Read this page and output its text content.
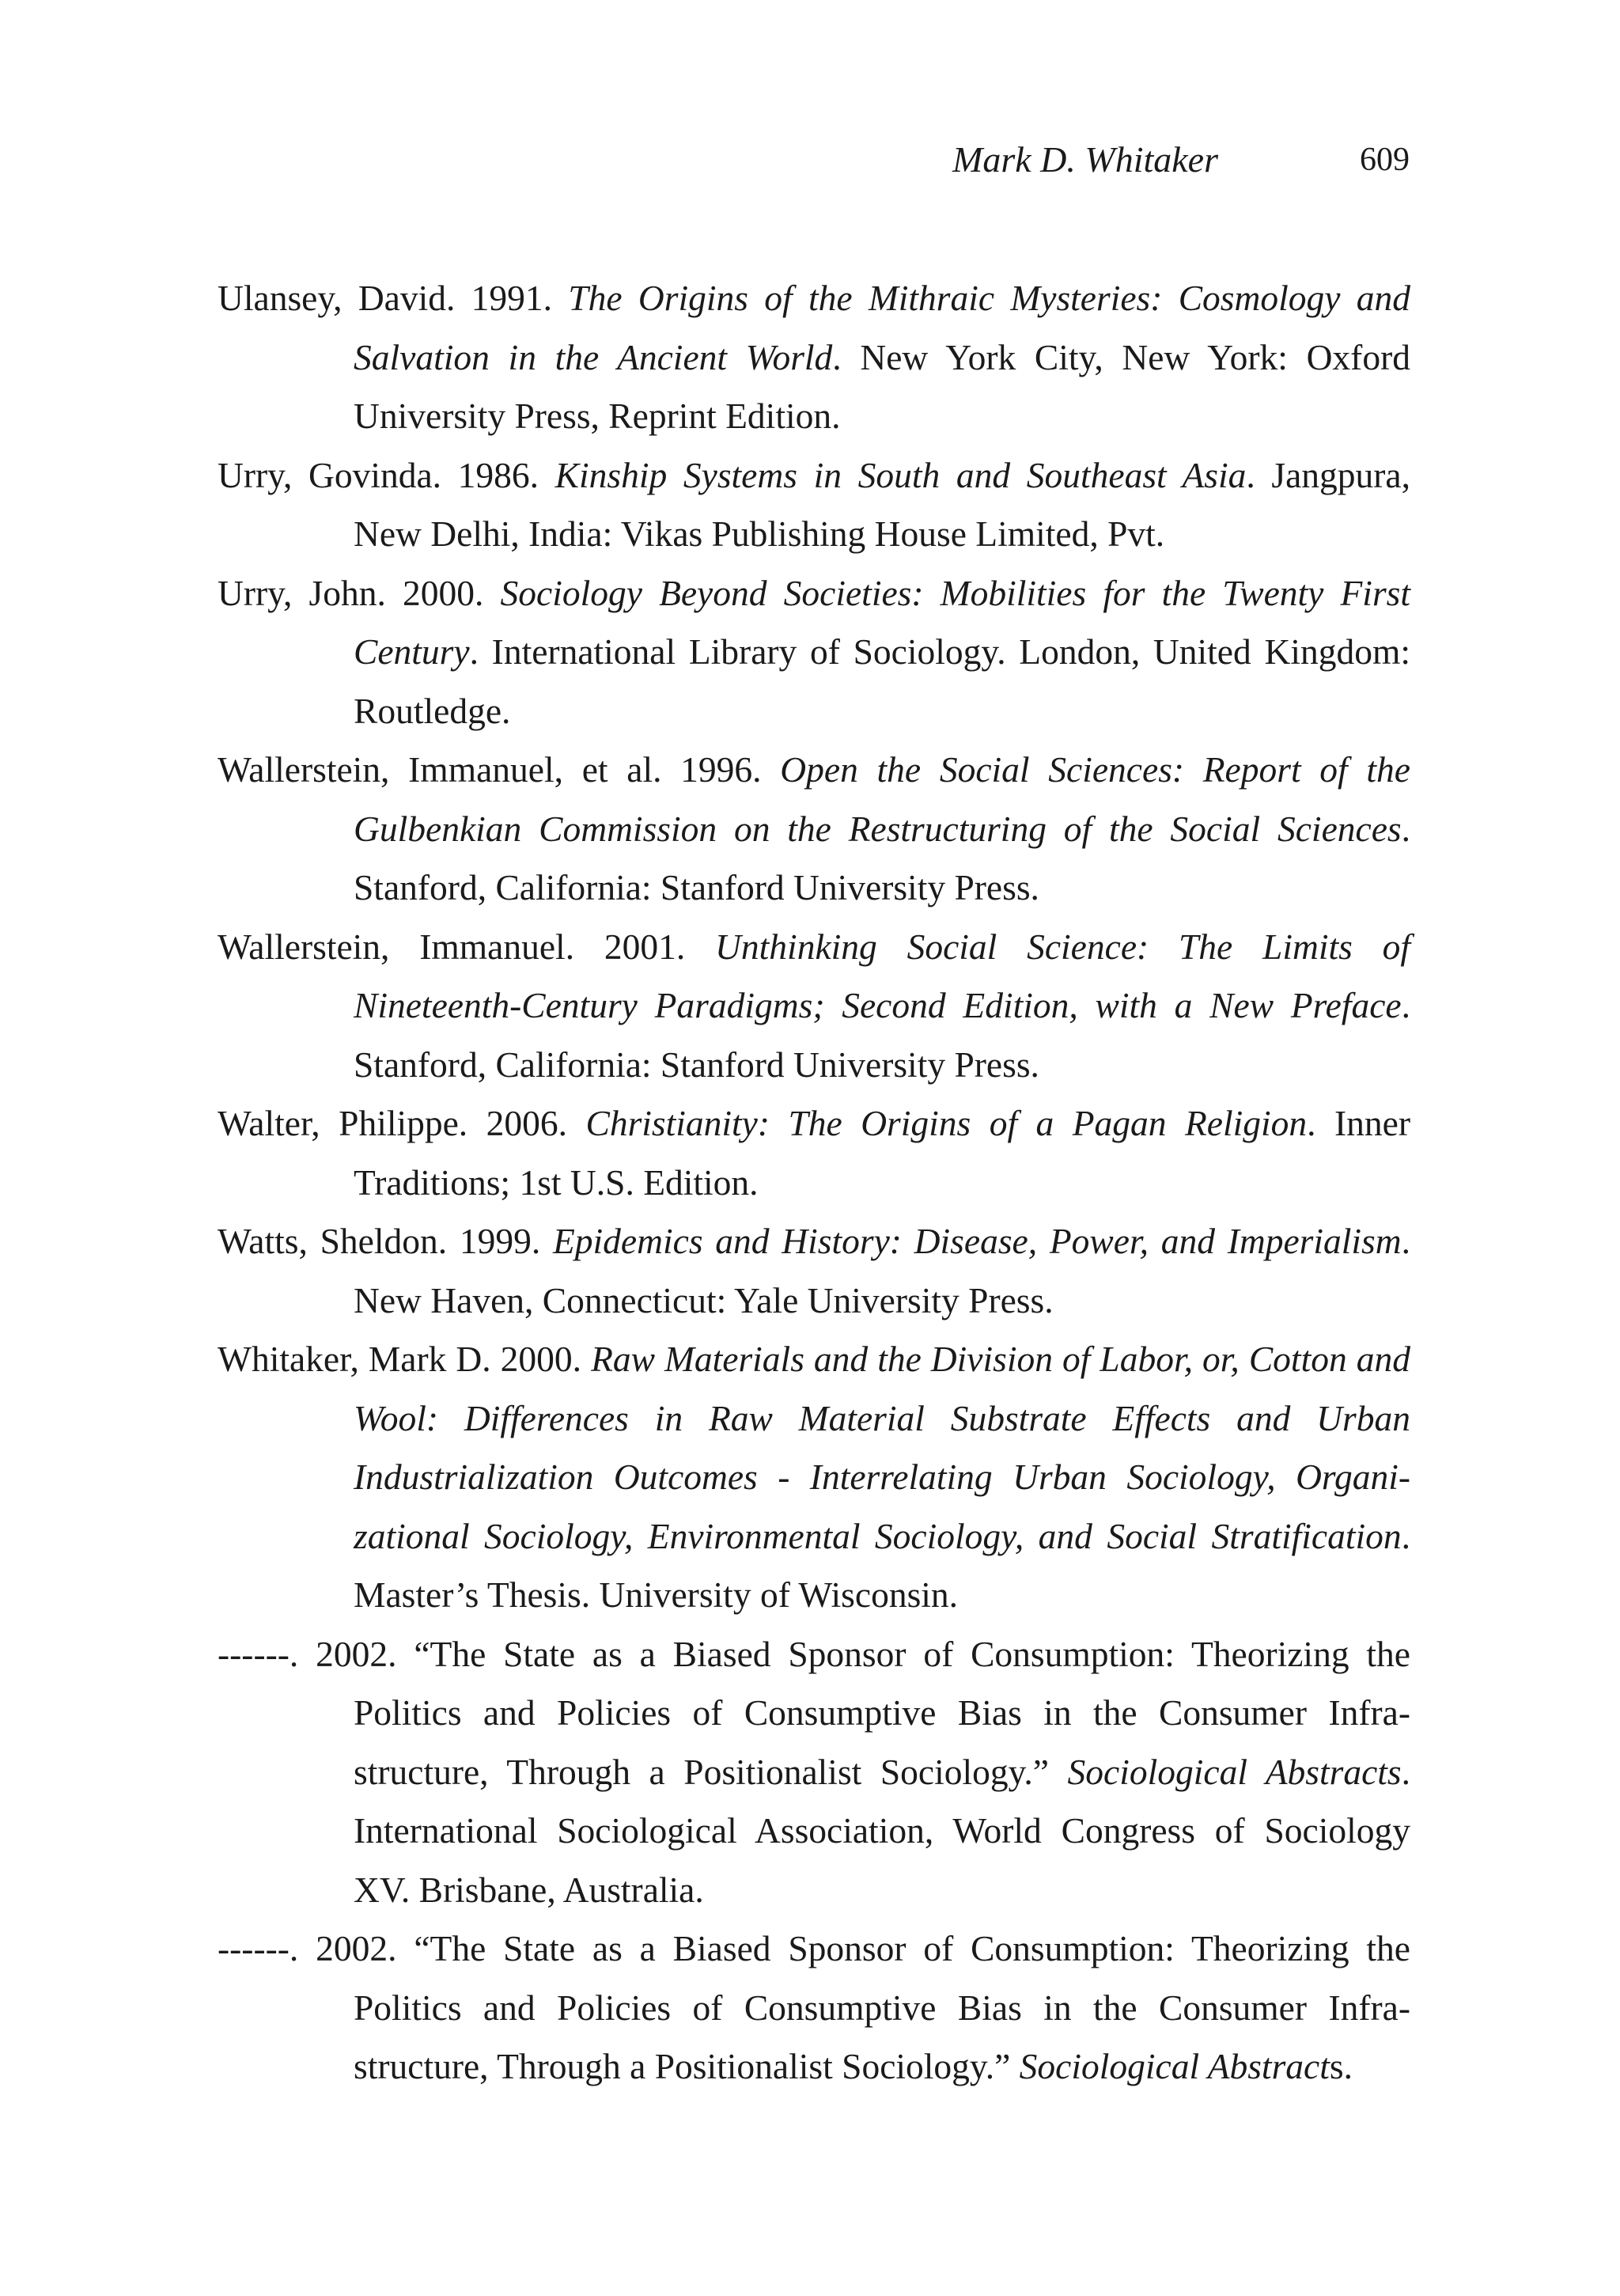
Mark D. Whitaker	609
Ulansey, David. 1991. The Origins of the Mithraic Mysteries: Cosmology and Salvation in the Ancient World. New York City, New York: Oxford University Press, Reprint Edition.
Urry, Govinda. 1986. Kinship Systems in South and Southeast Asia. Jangpura, New Delhi, India: Vikas Publishing House Limited, Pvt.
Urry, John. 2000. Sociology Beyond Societies: Mobilities for the Twenty First Century. International Library of Sociology. London, United Kingdom: Routledge.
Wallerstein, Immanuel, et al. 1996. Open the Social Sciences: Report of the Gulbenkian Commission on the Restructuring of the Social Sciences. Stanford, California: Stanford University Press.
Wallerstein, Immanuel. 2001. Unthinking Social Science: The Limits of Nineteenth-Century Paradigms; Second Edition, with a New Preface. Stanford, California: Stanford University Press.
Walter, Philippe. 2006. Christianity: The Origins of a Pagan Religion. Inner Traditions; 1st U.S. Edition.
Watts, Sheldon. 1999. Epidemics and History: Disease, Power, and Imperialism. New Haven, Connecticut: Yale University Press.
Whitaker, Mark D. 2000. Raw Materials and the Division of Labor, or, Cotton and Wool: Differences in Raw Material Substrate Effects and Urban Industrialization Outcomes - Interrelating Urban Sociology, Organizational Sociology, Environmental Sociology, and Social Stratification. Master’s Thesis. University of Wisconsin.
------. 2002. “The State as a Biased Sponsor of Consumption: Theorizing the Politics and Policies of Consumptive Bias in the Consumer Infrastructure, Through a Positionalist Sociology.” Sociological Abstracts. International Sociological Association, World Congress of Sociology XV. Brisbane, Australia.
------. 2002. “The State as a Biased Sponsor of Consumption: Theorizing the Politics and Policies of Consumptive Bias in the Consumer Infrastructure, Through a Positionalist Sociology.” Sociological Abstracts.
